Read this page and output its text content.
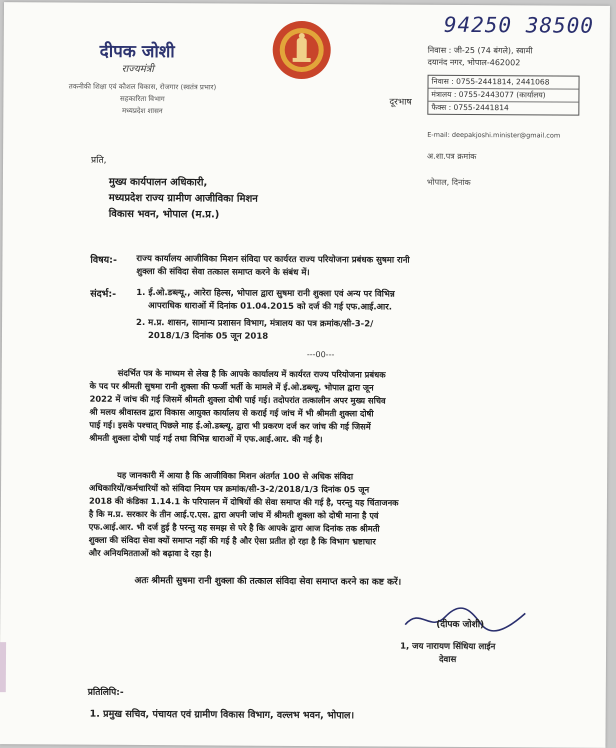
94250 38500
दीपक जोशी
राज्यमंत्री
तकनीकी शिक्षा एवं कौशल विकास, रोजगार (स्वतंत्र प्रभार)
सहकारिता विभाग
मध्यप्रदेश शासन
निवास : जी-25 (74 बंगले), स्वामी
दयानंद नगर, भोपाल-462002
दूरभाष
निवास : 0755-2441814, 2441068
मंत्रालय : 0755-2443077 (कार्यालय)
फैक्स : 0755-2441814
E-mail: deepakjoshi.minister@gmail.com
अ.शा.पत्र क्रमांक
भोपाल, दिनांक
प्रति,
मुख्य कार्यपालन अधिकारी,
मध्यप्रदेश राज्य ग्रामीण आजीविका मिशन
विकास भवन, भोपाल (म.प्र.)
विषय:- राज्य कार्यालय आजीविका मिशन संविदा पर कार्यरत राज्य परियोजना प्रबंधक सुषमा रानी
शुक्ला की संविदा सेवा तत्काल समाप्त करने के संबंध में।
संदर्भ:- 1. ई.ओ.डब्ल्यू., आरेरा हिल्स, भोपाल द्वारा सुषमा रानी शुक्ला एवं अन्य पर विभिन्न
आपराधिक धाराओं में दिनांक 01.04.2015 को दर्ज की गई एफ.आई.आर.
2. म.प्र. शासन, सामान्य प्रशासन विभाग, मंत्रालय का पत्र क्रमांक/सी-3-2/
2018/1/3 दिनांक 05 जून 2018
---00---
संदर्भित पत्र के माध्यम से लेख है कि आपके कार्यालय में कार्यरत राज्य परियोजना प्रबंधक
के पद पर श्रीमती सुषमा रानी शुक्ला की फर्जी भर्ती के मामले में ई.ओ.डब्ल्यू. भोपाल द्वारा जून
2022 में जांच की गई जिसमें श्रीमती शुक्ला दोषी पाई गई। तदोपरांत तत्कालीन अपर मुख्य सचिव
श्री मलय श्रीवास्तव द्वारा विकास आयुक्त कार्यालय से कराई गई जांच में भी श्रीमती शुक्ला दोषी
पाई गई। इसके पश्चात् पिछले माह ई.ओ.डब्ल्यू. द्वारा भी प्रकरण दर्ज कर जांच की गई जिसमें
श्रीमती शुक्ला दोषी पाई गई तथा विभिन्न धाराओं में एफ.आई.आर. की गई है।
यह जानकारी में आया है कि आजीविका मिशन अंतर्गत 100 से अधिक संविदा
अधिकारियों/कर्मचारियों को संविदा नियम पत्र क्रमांक/सी-3-2/2018/1/3 दिनांक 05 जून
2018 की कंडिका 1.14.1 के परिपालन में दोषियों की सेवा समाप्त की गई है, परन्तु यह चिंताजनक
है कि म.प्र. सरकार के तीन आई.ए.एस. द्वारा अपनी जांच में श्रीमती शुक्ला को दोषी माना है एवं
एफ.आई.आर. भी दर्ज हुई है परन्तु यह समझ से परे है कि आपके द्वारा आज दिनांक तक श्रीमती
शुक्ला की संविदा सेवा क्यों समाप्त नहीं की गई है और ऐसा प्रतीत हो रहा है कि विभाग भ्रष्टाचार
और अनियमितताओं को बढ़ावा दे रहा है।
अतः श्रीमती सुषमा रानी शुक्ला की तत्काल संविदा सेवा समाप्त करने का कष्ट करें।
(दीपक जोशी)
1, जय नारायण सिंधिया लाईन
देवास
प्रतिलिपि:-
1. प्रमुख सचिव, पंचायत एवं ग्रामीण विकास विभाग, वल्लभ भवन, भोपाल।
